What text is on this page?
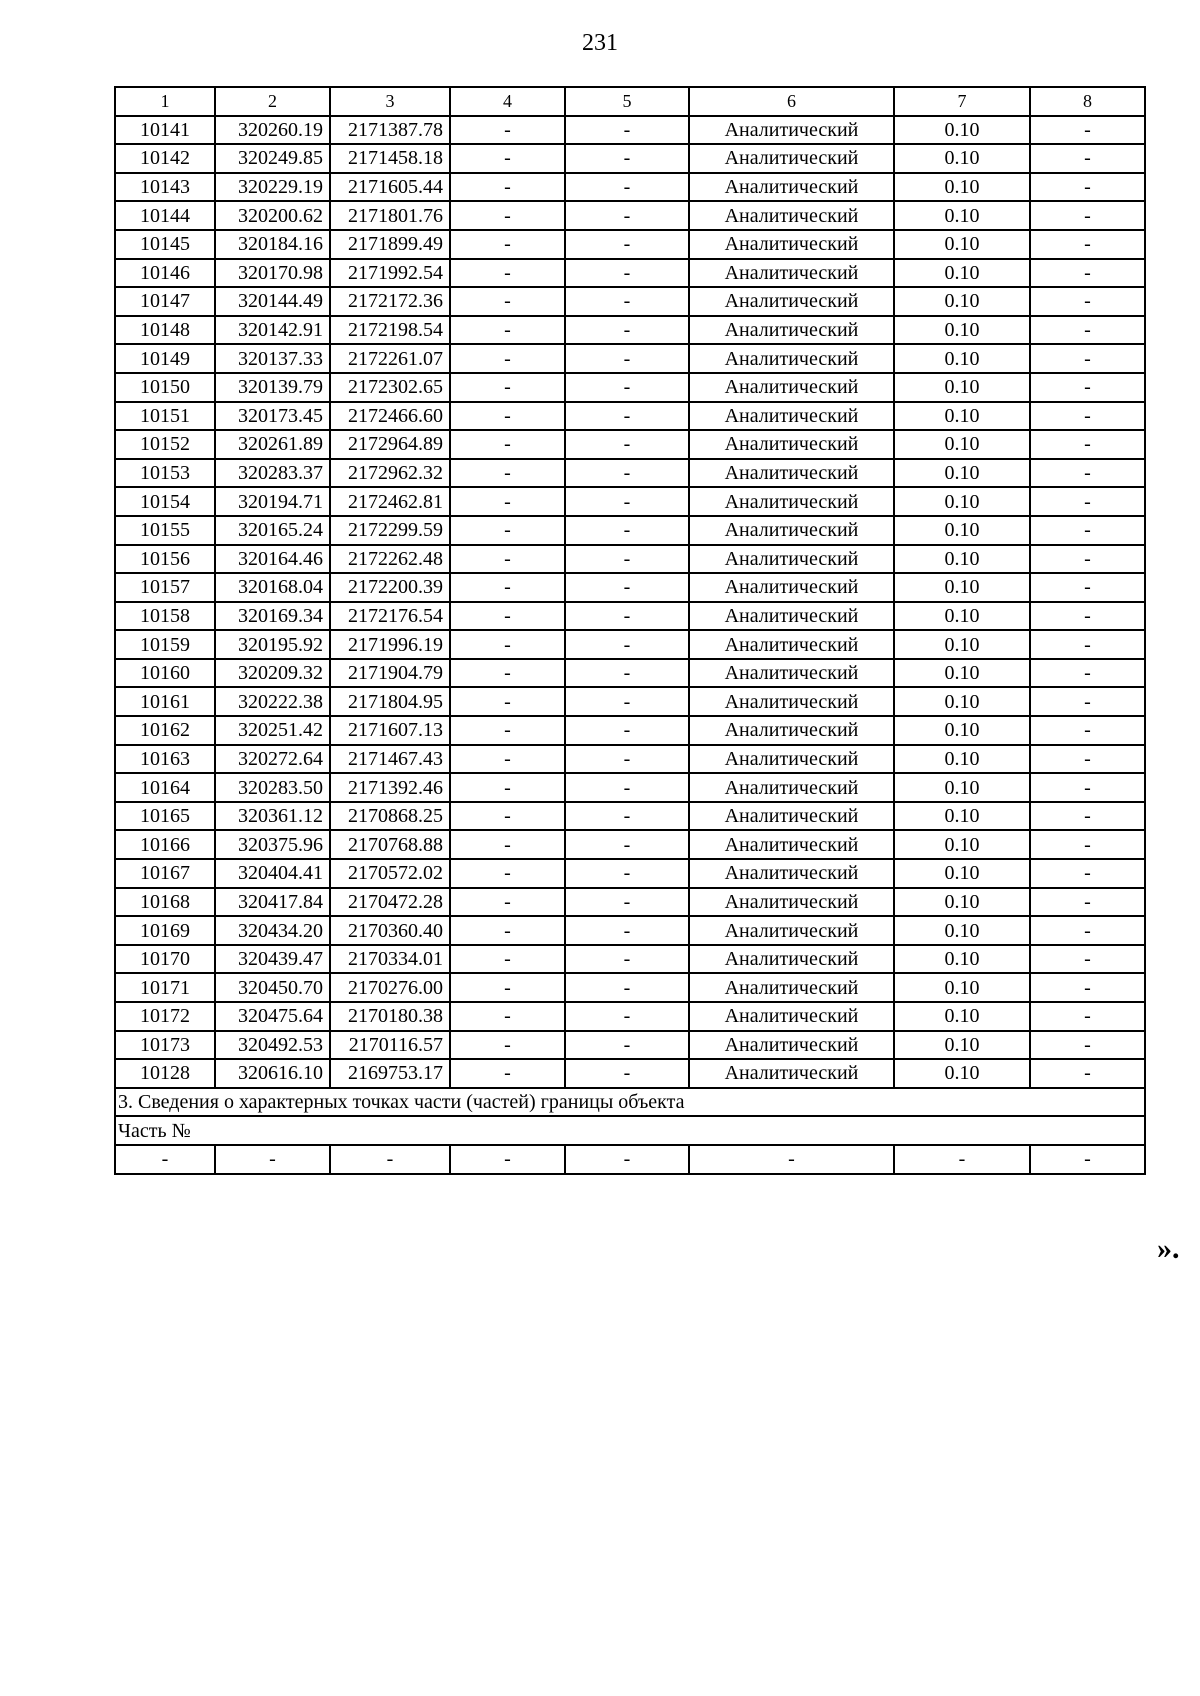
231
1	2	3	4	5	6	7	8
10141	320260.19	2171387.78	-	-	Аналитический	0.10	-
10142	320249.85	2171458.18	-	-	Аналитический	0.10	-
10143	320229.19	2171605.44	-	-	Аналитический	0.10	-
10144	320200.62	2171801.76	-	-	Аналитический	0.10	-
10145	320184.16	2171899.49	-	-	Аналитический	0.10	-
10146	320170.98	2171992.54	-	-	Аналитический	0.10	-
10147	320144.49	2172172.36	-	-	Аналитический	0.10	-
10148	320142.91	2172198.54	-	-	Аналитический	0.10	-
10149	320137.33	2172261.07	-	-	Аналитический	0.10	-
10150	320139.79	2172302.65	-	-	Аналитический	0.10	-
10151	320173.45	2172466.60	-	-	Аналитический	0.10	-
10152	320261.89	2172964.89	-	-	Аналитический	0.10	-
10153	320283.37	2172962.32	-	-	Аналитический	0.10	-
10154	320194.71	2172462.81	-	-	Аналитический	0.10	-
10155	320165.24	2172299.59	-	-	Аналитический	0.10	-
10156	320164.46	2172262.48	-	-	Аналитический	0.10	-
10157	320168.04	2172200.39	-	-	Аналитический	0.10	-
10158	320169.34	2172176.54	-	-	Аналитический	0.10	-
10159	320195.92	2171996.19	-	-	Аналитический	0.10	-
10160	320209.32	2171904.79	-	-	Аналитический	0.10	-
10161	320222.38	2171804.95	-	-	Аналитический	0.10	-
10162	320251.42	2171607.13	-	-	Аналитический	0.10	-
10163	320272.64	2171467.43	-	-	Аналитический	0.10	-
10164	320283.50	2171392.46	-	-	Аналитический	0.10	-
10165	320361.12	2170868.25	-	-	Аналитический	0.10	-
10166	320375.96	2170768.88	-	-	Аналитический	0.10	-
10167	320404.41	2170572.02	-	-	Аналитический	0.10	-
10168	320417.84	2170472.28	-	-	Аналитический	0.10	-
10169	320434.20	2170360.40	-	-	Аналитический	0.10	-
10170	320439.47	2170334.01	-	-	Аналитический	0.10	-
10171	320450.70	2170276.00	-	-	Аналитический	0.10	-
10172	320475.64	2170180.38	-	-	Аналитический	0.10	-
10173	320492.53	2170116.57	-	-	Аналитический	0.10	-
10128	320616.10	2169753.17	-	-	Аналитический	0.10	-
3. Сведения о характерных точках части (частей) границы объекта							
Часть №							
-	-	-	-	-	-	-	-
».
